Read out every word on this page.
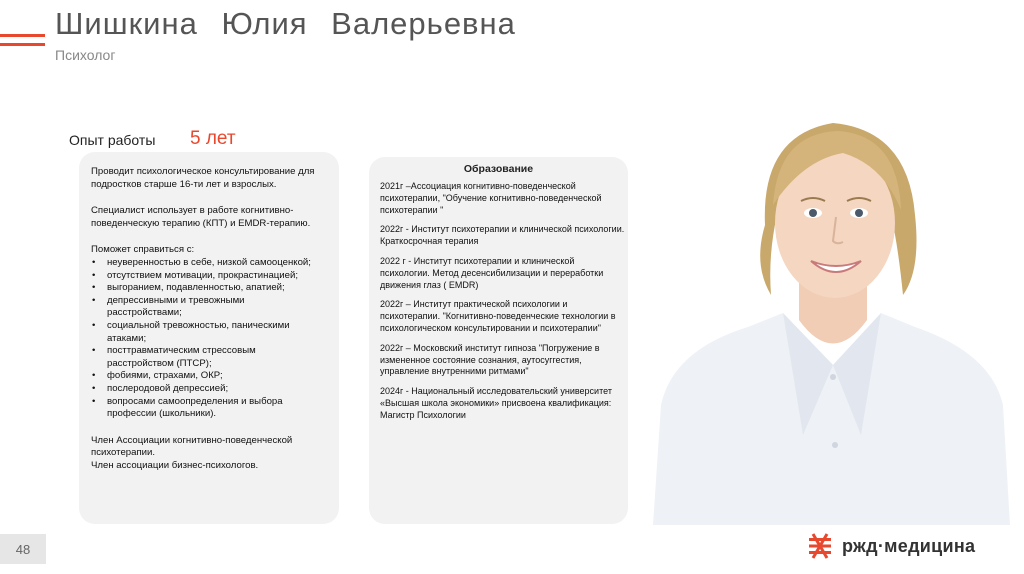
Шишкина Юлия Валерьевна
Психолог
Опыт работы 5 лет

Проводит психологическое консультирование для подростков старше 16-ти лет и взрослых.

Специалист использует в работе когнитивно-поведенческую терапию (КПТ) и EMDR-терапию.

Поможет справиться с:
• неуверенностью в себе, низкой самооценкой;
• отсутствием мотивации, прокрастинацией;
• выгоранием, подавленностью, апатией;
• депрессивными и тревожными расстройствами;
• социальной тревожностью, паническими атаками;
• посттравматическим стрессовым расстройством (ПТСР);
• фобиями, страхами, ОКР;
• послеродовой депрессией;
• вопросами самоопределения и выбора профессии (школьники).
Член Ассоциации когнитивно-поведенческой психотерапии.
Член ассоциации бизнес-психологов.
Образование
2021г –Ассоциация когнитивно-поведенческой психотерапии, "Обучение когнитивно-поведенческой психотерапии "
2022г - Институт психотерапии и клинической психологии. Краткосрочная терапия
2022 г - Институт психотерапии и клинической психологии. Метод десенсибилизации и переработки движения глаз ( EMDR)
2022г – Институт практической психологии и психотерапии. "Когнитивно-поведенческие технологии в психологическом консультировании и психотерапии"
2022г – Московский институт гипноза "Погружение в измененное состояние сознания, аутосуггестия, управление внутренними ритмами"
2024г - Национальный исследовательский университет «Высшая школа экономики» присвоена квалификация: Магистр Психологии
48	ржд·медицина
